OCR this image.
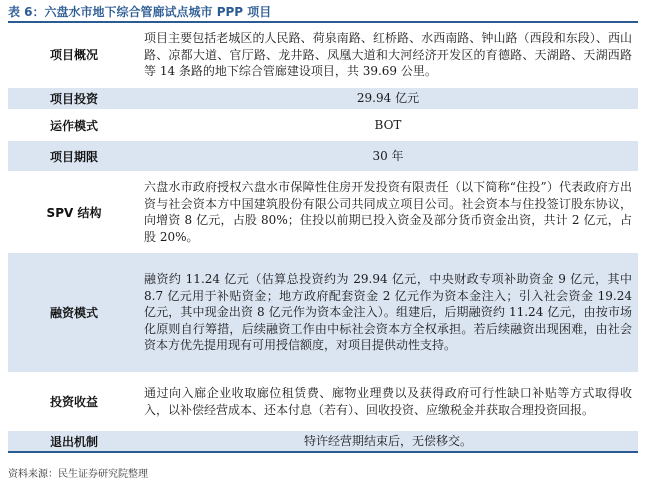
表 6：六盘水市地下综合管廊试点城市 PPP 项目
项目概况	项目主要包括老城区的人民路、荷泉南路、红桥路、水西南路、钟山路（西段和东段）、西山路、凉都大道、官厅路、龙井路、凤凰大道和大河经济开发区的育德路、天湖路、天湖西路等 14 条路的地下综合管廊建设项目，共 39.69 公里。
项目投资	29.94 亿元
运作模式	BOT
项目期限	30 年
SPV 结构	六盘水市政府授权六盘水市保障性住房开发投资有限责任（以下简称“住投”）代表政府方出资与社会资本方中国建筑股份有限公司共同成立项目公司。社会资本与住投签订股东协议，向增资 8 亿元，占股 80%；住投以前期已投入资金及部分货币资金出资，共计 2 亿元，占股 20%。
融资模式	融资约 11.24 亿元（估算总投资约为 29.94 亿元，中央财政专项补助资金 9 亿元，其中 8.7 亿元用于补贴资金；地方政府配套资金 2 亿元作为资本金注入；引入社会资金 19.24 亿元，其中现金出资 8 亿元作为资本金注入）。组建后，后期融资约 11.24 亿元，由按市场化原则自行筹措，后续融资工作由中标社会资本方全权承担。若后续融资出现困难，由社会资本方优先提用现有可用授信额度，对项目提供动性支持。
投资收益	通过向入廊企业收取廊位租赁费、廊物业理费以及获得政府可行性缺口补贴等方式取得收入，以补偿经营成本、还本付息（若有）、回收投资、应缴税金并获取合理投资回报。
退出机制	特许经营期结束后，无偿移交。
资料来源：民生证券研究院整理
